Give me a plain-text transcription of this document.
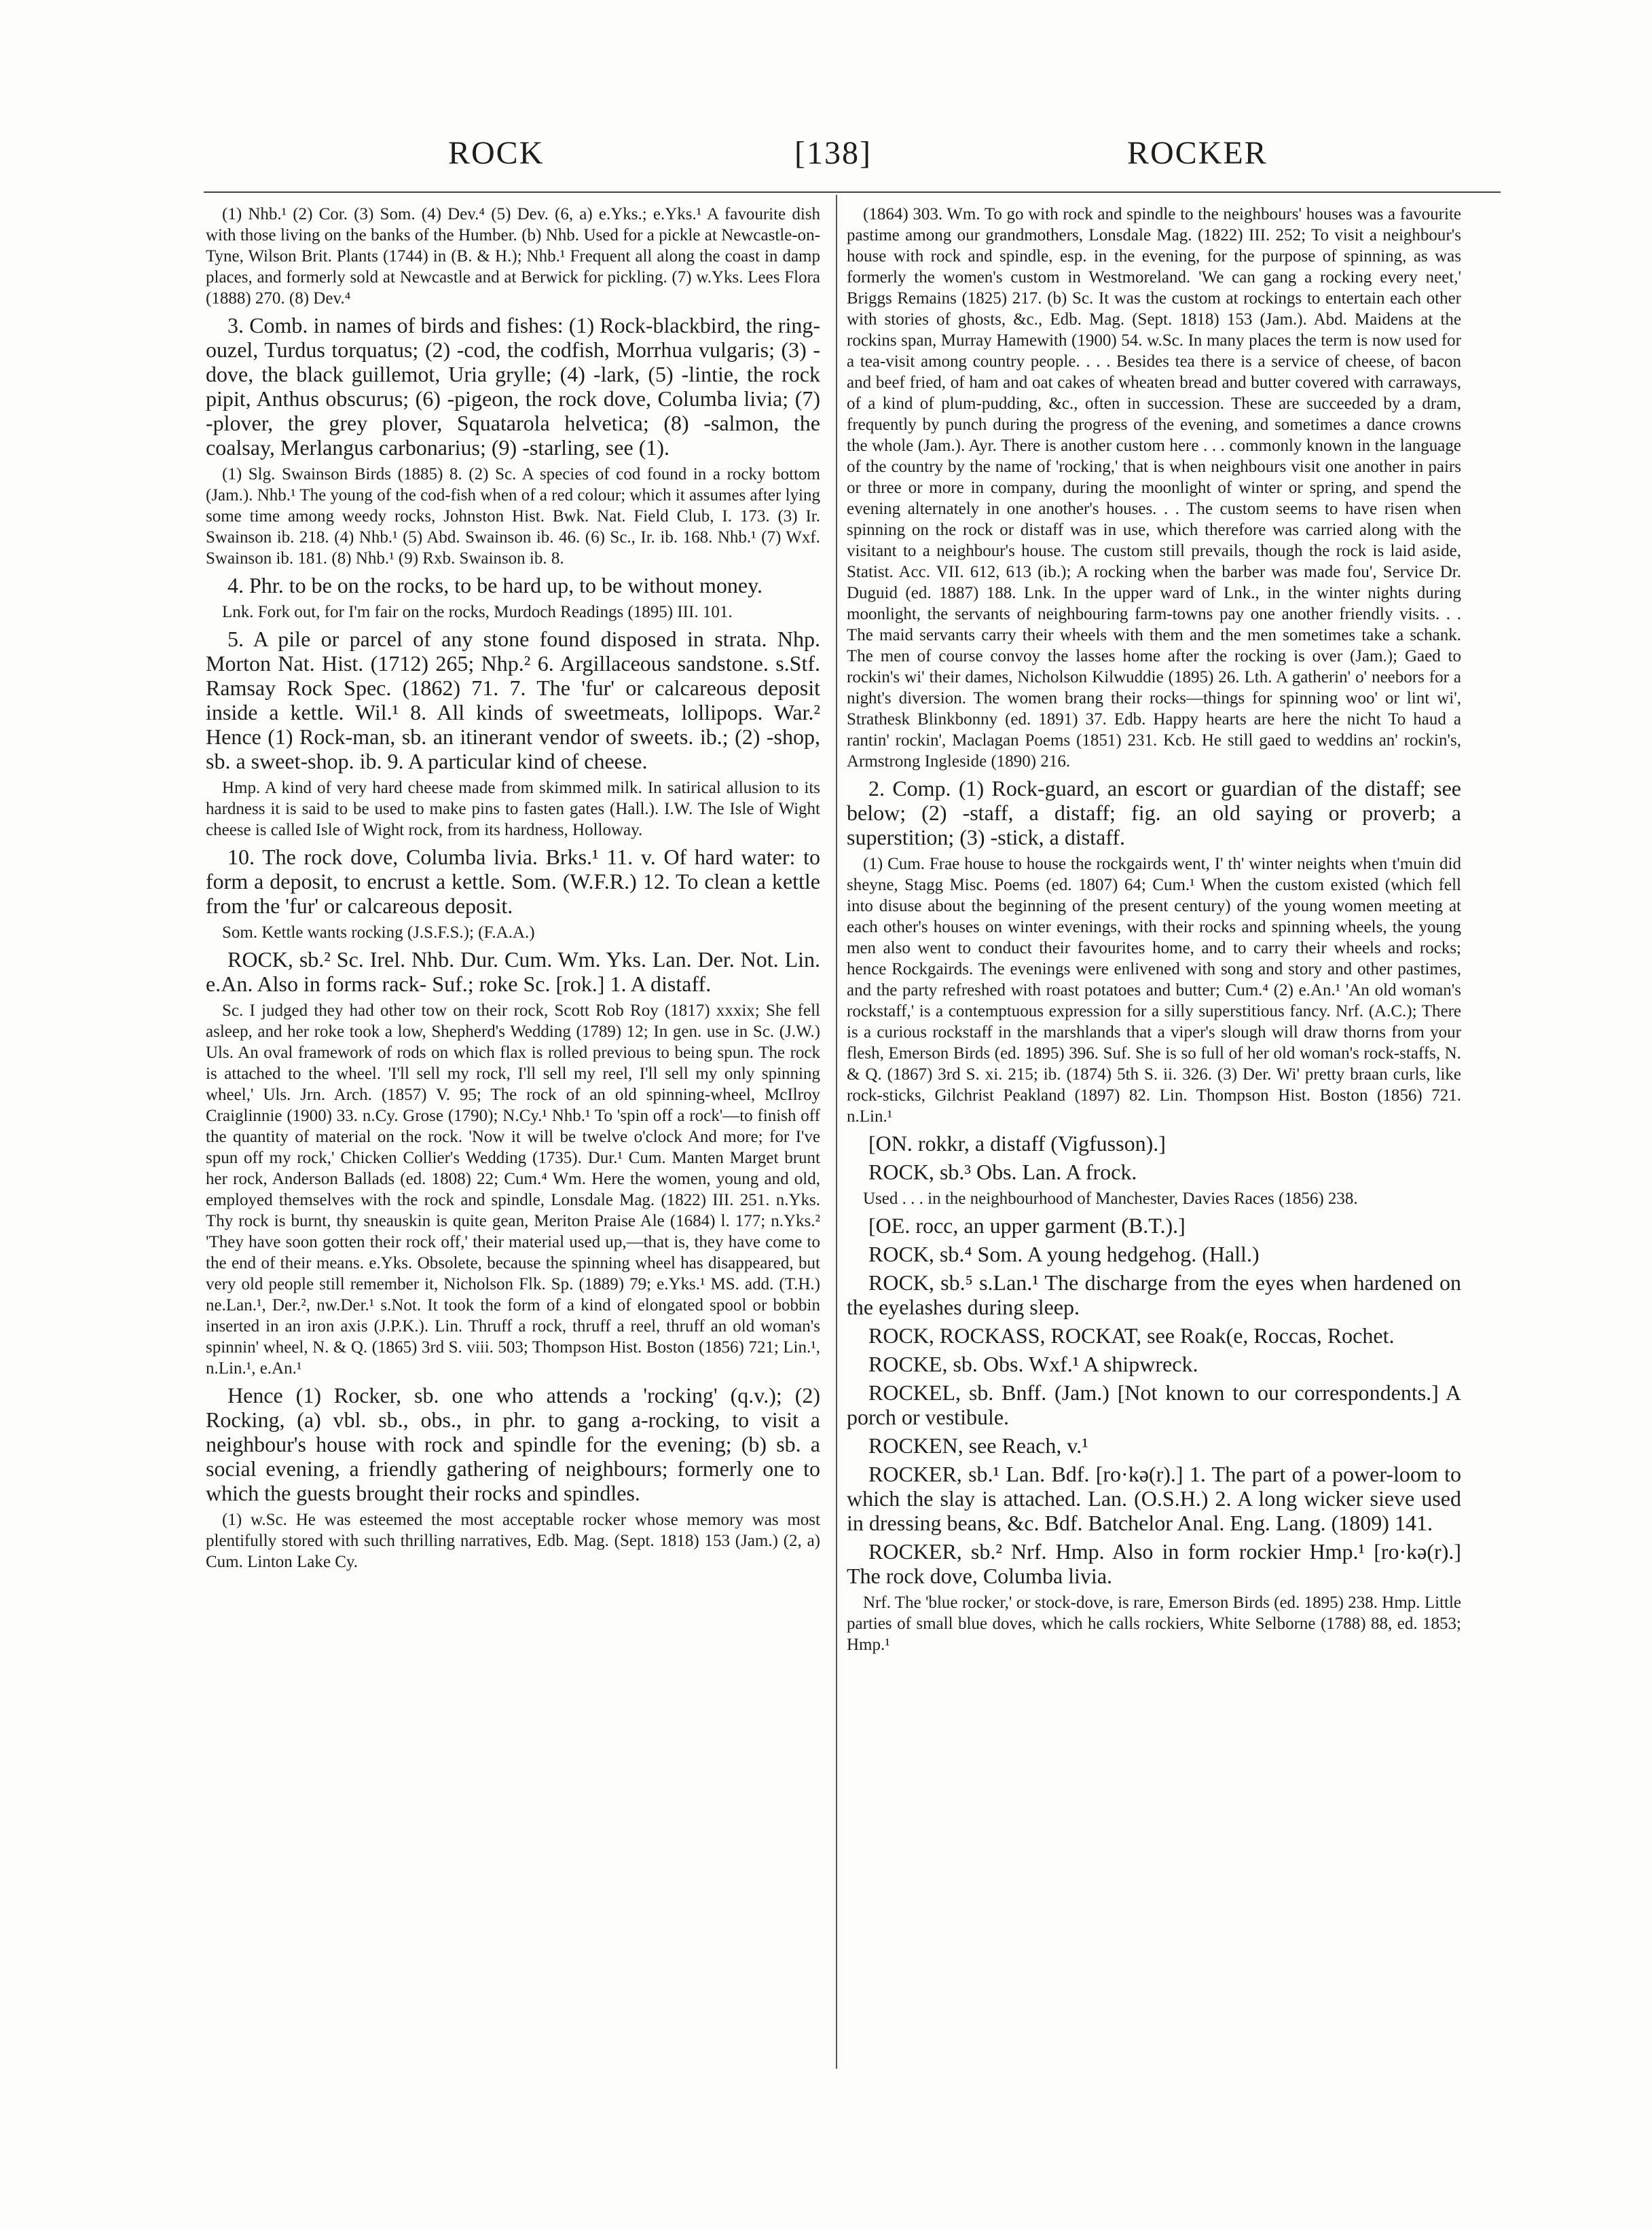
ROCK	[138]	ROCKER

(1) Nhb.¹ (2) Cor. (3) Som. (4) Dev.⁴ (5) Dev. (6, a) e.Yks.; e.Yks.¹ A favourite dish with those living on the banks of the Humber. (b) Nhb. Used for a pickle at Newcastle-on-Tyne, Wilson Brit. Plants (1744) in (B. & H.); Nhb.¹ Frequent all along the coast in damp places, and formerly sold at Newcastle and at Berwick for pickling. (7) w.Yks. Lees Flora (1888) 270. (8) Dev.⁴

3. Comb. in names of birds and fishes: (1) Rock-blackbird, the ring-ouzel, Turdus torquatus; (2) -cod, the codfish, Morrhua vulgaris; (3) -dove, the black guillemot, Uria grylle; (4) -lark, (5) -lintie, the rock pipit, Anthus obscurus; (6) -pigeon, the rock dove, Columba livia; (7) -plover, the grey plover, Squatarola helvetica; (8) -salmon, the coalsay, Merlangus carbonarius; (9) -starling, see (1).

(1) Slg. Swainson Birds (1885) 8. (2) Sc. A species of cod found in a rocky bottom (Jam.). Nhb.¹ The young of the cod-fish when of a red colour; which it assumes after lying some time among weedy rocks, Johnston Hist. Bwk. Nat. Field Club, I. 173. (3) Ir. Swainson ib. 218. (4) Nhb.¹ (5) Abd. Swainson ib. 46. (6) Sc., Ir. ib. 168. Nhb.¹ (7) Wxf. Swainson ib. 181. (8) Nhb.¹ (9) Rxb. Swainson ib. 8.

4. Phr. to be on the rocks, to be hard up, to be without money.

Lnk. Fork out, for I'm fair on the rocks, Murdoch Readings (1895) III. 101.

5. A pile or parcel of any stone found disposed in strata. Nhp. Morton Nat. Hist. (1712) 265; Nhp.² 6. Argillaceous sandstone. s.Stf. Ramsay Rock Spec. (1862) 71. 7. The 'fur' or calcareous deposit inside a kettle. Wil.¹ 8. All kinds of sweetmeats, lollipops. War.² Hence (1) Rock-man, sb. an itinerant vendor of sweets. ib.; (2) -shop, sb. a sweet-shop. ib. 9. A particular kind of cheese.

Hmp. A kind of very hard cheese made from skimmed milk. In satirical allusion to its hardness it is said to be used to make pins to fasten gates (Hall.). I.W. The Isle of Wight cheese is called Isle of Wight rock, from its hardness, Holloway.

10. The rock dove, Columba livia. Brks.¹ 11. v. Of hard water: to form a deposit, to encrust a kettle. Som. (W.F.R.) 12. To clean a kettle from the 'fur' or calcareous deposit.

Som. Kettle wants rocking (J.S.F.S.); (F.A.A.)

ROCK, sb.² Sc. Irel. Nhb. Dur. Cum. Wm. Yks. Lan. Der. Not. Lin. e.An. Also in forms rack- Suf.; roke Sc. [rok.] 1. A distaff.

Sc. I judged they had other tow on their rock, Scott Rob Roy (1817) xxxix; She fell asleep, and her roke took a low, Shepherd's Wedding (1789) 12; In gen. use in Sc. (J.W.) Uls. An oval framework of rods on which flax is rolled previous to being spun. The rock is attached to the wheel. 'I'll sell my rock, I'll sell my reel, I'll sell my only spinning wheel,' Uls. Jrn. Arch. (1857) V. 95; The rock of an old spinning-wheel, McIlroy Craiglinnie (1900) 33. n.Cy. Grose (1790); N.Cy.¹ Nhb.¹ To 'spin off a rock'—to finish off the quantity of material on the rock. 'Now it will be twelve o'clock And more; for I've spun off my rock,' Chicken Collier's Wedding (1735). Dur.¹ Cum. Manten Marget brunt her rock, Anderson Ballads (ed. 1808) 22; Cum.⁴ Wm. Here the women, young and old, employed themselves with the rock and spindle, Lonsdale Mag. (1822) III. 251. n.Yks. Thy rock is burnt, thy sneauskin is quite gean, Meriton Praise Ale (1684) l. 177; n.Yks.² 'They have soon gotten their rock off,' their material used up,—that is, they have come to the end of their means. e.Yks. Obsolete, because the spinning wheel has disappeared, but very old people still remember it, Nicholson Flk. Sp. (1889) 79; e.Yks.¹ MS. add. (T.H.) ne.Lan.¹, Der.², nw.Der.¹ s.Not. It took the form of a kind of elongated spool or bobbin inserted in an iron axis (J.P.K.). Lin. Thruff a rock, thruff a reel, thruff an old woman's spinnin' wheel, N. & Q. (1865) 3rd S. viii. 503; Thompson Hist. Boston (1856) 721; Lin.¹, n.Lin.¹, e.An.¹

Hence (1) Rocker, sb. one who attends a 'rocking' (q.v.); (2) Rocking, (a) vbl. sb., obs., in phr. to gang a-rocking, to visit a neighbour's house with rock and spindle for the evening; (b) sb. a social evening, a friendly gathering of neighbours; formerly one to which the guests brought their rocks and spindles.

(1) w.Sc. He was esteemed the most acceptable rocker whose memory was most plentifully stored with such thrilling narratives, Edb. Mag. (Sept. 1818) 153 (Jam.) (2, a) Cum. Linton Lake Cy.

(1864) 303. Wm. To go with rock and spindle to the neighbours' houses was a favourite pastime among our grandmothers, Lonsdale Mag. (1822) III. 252; To visit a neighbour's house with rock and spindle, esp. in the evening, for the purpose of spinning, as was formerly the women's custom in Westmoreland. 'We can gang a rocking every neet,' Briggs Remains (1825) 217. (b) Sc. It was the custom at rockings to entertain each other with stories of ghosts, &c., Edb. Mag. (Sept. 1818) 153 (Jam.). Abd. Maidens at the rockins span, Murray Hamewith (1900) 54. w.Sc. In many places the term is now used for a tea-visit among country people. . . . Besides tea there is a service of cheese, of bacon and beef fried, of ham and oat cakes of wheaten bread and butter covered with carraways, of a kind of plum-pudding, &c., often in succession. These are succeeded by a dram, frequently by punch during the progress of the evening, and sometimes a dance crowns the whole (Jam.). Ayr. There is another custom here . . . commonly known in the language of the country by the name of 'rocking,' that is when neighbours visit one another in pairs or three or more in company, during the moonlight of winter or spring, and spend the evening alternately in one another's houses. . . The custom seems to have risen when spinning on the rock or distaff was in use, which therefore was carried along with the visitant to a neighbour's house. The custom still prevails, though the rock is laid aside, Statist. Acc. VII. 612, 613 (ib.); A rocking when the barber was made fou', Service Dr. Duguid (ed. 1887) 188. Lnk. In the upper ward of Lnk., in the winter nights during moonlight, the servants of neighbouring farm-towns pay one another friendly visits. . . The maid servants carry their wheels with them and the men sometimes take a schank. The men of course convoy the lasses home after the rocking is over (Jam.); Gaed to rockin's wi' their dames, Nicholson Kilwuddie (1895) 26. Lth. A gatherin' o' neebors for a night's diversion. The women brang their rocks—things for spinning woo' or lint wi', Strathesk Blinkbonny (ed. 1891) 37. Edb. Happy hearts are here the nicht To haud a rantin' rockin', Maclagan Poems (1851) 231. Kcb. He still gaed to weddins an' rockin's, Armstrong Ingleside (1890) 216.

2. Comp. (1) Rock-guard, an escort or guardian of the distaff; see below; (2) -staff, a distaff; fig. an old saying or proverb; a superstition; (3) -stick, a distaff.

(1) Cum. Frae house to house the rockgairds went, I' th' winter neights when t'muin did sheyne, Stagg Misc. Poems (ed. 1807) 64; Cum.¹ When the custom existed (which fell into disuse about the beginning of the present century) of the young women meeting at each other's houses on winter evenings, with their rocks and spinning wheels, the young men also went to conduct their favourites home, and to carry their wheels and rocks; hence Rockgairds. The evenings were enlivened with song and story and other pastimes, and the party refreshed with roast potatoes and butter; Cum.⁴ (2) e.An.¹ 'An old woman's rockstaff,' is a contemptuous expression for a silly superstitious fancy. Nrf. (A.C.); There is a curious rockstaff in the marshlands that a viper's slough will draw thorns from your flesh, Emerson Birds (ed. 1895) 396. Suf. She is so full of her old woman's rock-staffs, N. & Q. (1867) 3rd S. xi. 215; ib. (1874) 5th S. ii. 326. (3) Der. Wi' pretty braan curls, like rock-sticks, Gilchrist Peakland (1897) 82. Lin. Thompson Hist. Boston (1856) 721. n.Lin.¹

[ON. rokkr, a distaff (Vigfusson).]

ROCK, sb.³ Obs. Lan. A frock.

Used . . . in the neighbourhood of Manchester, Davies Races (1856) 238.

[OE. rocc, an upper garment (B.T.).]

ROCK, sb.⁴ Som. A young hedgehog. (Hall.)

ROCK, sb.⁵ s.Lan.¹ The discharge from the eyes when hardened on the eyelashes during sleep.

ROCK, ROCKASS, ROCKAT, see Roak(e, Roccas, Rochet.

ROCKE, sb. Obs. Wxf.¹ A shipwreck.

ROCKEL, sb. Bnff. (Jam.) [Not known to our correspondents.] A porch or vestibule.

ROCKEN, see Reach, v.¹

ROCKER, sb.¹ Lan. Bdf. [ro·kə(r).] 1. The part of a power-loom to which the slay is attached. Lan. (O.S.H.) 2. A long wicker sieve used in dressing beans, &c. Bdf. Batchelor Anal. Eng. Lang. (1809) 141.

ROCKER, sb.² Nrf. Hmp. Also in form rockier Hmp.¹ [ro·kə(r).] The rock dove, Columba livia.

Nrf. The 'blue rocker,' or stock-dove, is rare, Emerson Birds (ed. 1895) 238. Hmp. Little parties of small blue doves, which he calls rockiers, White Selborne (1788) 88, ed. 1853; Hmp.¹
